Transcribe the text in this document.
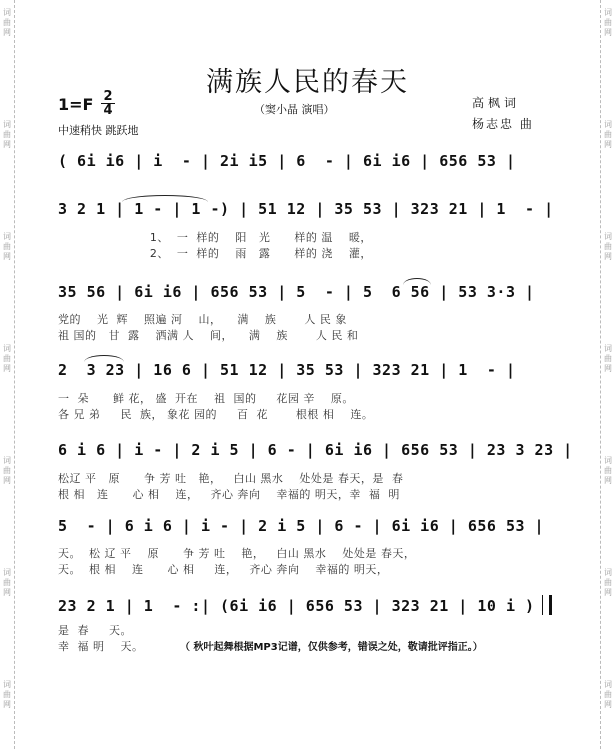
词
曲
网
词
曲
网
词
曲
网
词
曲
网
词
曲
网
词
曲
网
词
曲
网
词
曲
网
词
曲
网
词
曲
网
词
曲
网
词
曲
网
词
曲
网
词
曲
网
满族人民的春天
1=F 2
4
中速稍快 跳跃地
（窦小晶 演唱）	高枫词
杨志忠 曲
( 6i i6 | i  - | 2i i5 | 6  - | 6i i6 | 656 53 |
3 2 1 | 1 - | 1 -) | 51 12 | 35 53 | 323 21 | 1  - |
1、  一  样的    阳   光      样的 温    暖，
2、  一  样的    雨   露      样的 浇    灌，
35 56 | 6i i6 | 656 53 | 5  - | 5  6 56 | 53 3·3 |
党的    光  辉    照遍 河    山，    满    族       人 民 象
祖 国的   甘  露    洒满 人    间，    满    族       人 民 和
2  3 23 | 16 6 | 51 12 | 35 53 | 323 21 | 1  - |
一  朵      鲜 花， 盛  开在    祖  国的     花园 辛    原。
各 兄 弟     民  族， 象花 园的     百  花       根根 相    连。
6 i 6 | i - | 2 i 5 | 6 - | 6i i6 | 656 53 | 23 3 23 |
松辽 平   原      争 芳 吐   艳，   白山 黑水    处处是 春天，是  春
根 相   连      心 相    连，   齐心 奔向    幸福的 明天，幸  福  明
5  - | 6 i 6 | i - | 2 i 5 | 6 - | 6i i6 | 656 53 |
天。  松 辽 平    原      争 芳 吐    艳，   白山 黑水    处处是 春天，
天。  根 相    连      心 相     连，   齐心 奔向    幸福的 明天，
23 2 1 | 1  - :| (6i i6 | 656 53 | 323 21 | 10 i )
是  春     天。
幸  福 明    天。	（ 秋叶起舞根据MP3记谱，仅供参考，错误之处，敬请批评指正。）
